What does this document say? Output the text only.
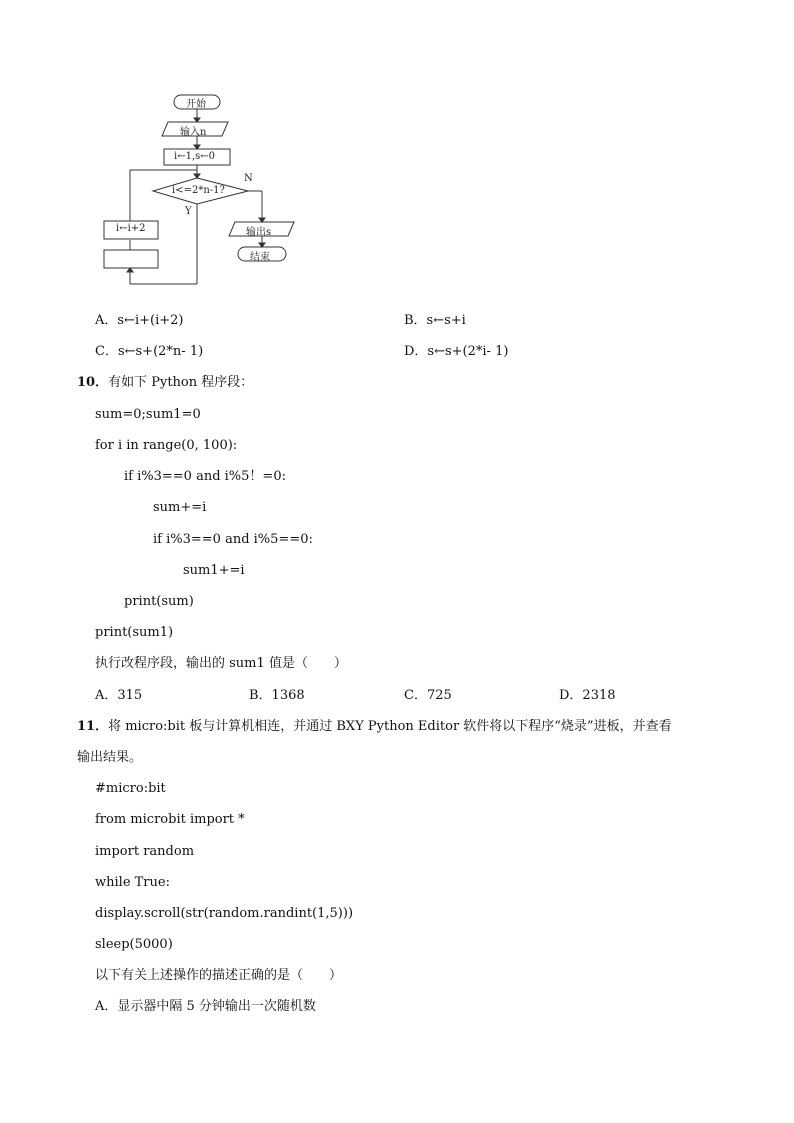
开始
输入n
i←1,s←0
i<=2*n-1?
N
Y
i←i+2	输出s
结束
A．s←i+(i+2)	B．s←s+i
C．s←s+(2*n- 1)	D．s←s+(2*i- 1)
10．有如下 Python 程序段：
sum=0;sum1=0
for i in range(0, 100):
if i%3==0 and i%5！=0:
sum+=i
if i%3==0 and i%5==0:
sum1+=i
print(sum)
print(sum1)
执行改程序段，输出的 sum1 值是（　　）
A．315	B．1368	C．725	D．2318
11．将 micro:bit 板与计算机相连，并通过 BXY Python Editor 软件将以下程序“烧录”进板，并查看
输出结果。
#micro:bit
from microbit import *
import random
while True:
display.scroll(str(random.randint(1,5)))
sleep(5000)
以下有关上述操作的描述正确的是（　　）
A．显示器中隔 5 分钟输出一次随机数
